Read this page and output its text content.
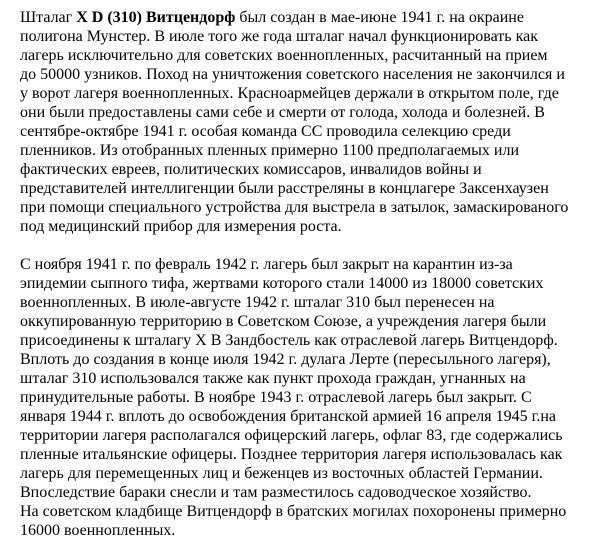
Шталаг X D (310) Витцендорф был создан в мае-июне 1941 г. на окраине
полигона Мунстер. В июле того же года шталаг начал функционировать как
лагерь исключительно для советских военнопленных, расчитанный на прием
до 50000 узников. Поход на уничтожения советского населения не закончился и
у ворот лагеря военнопленных. Красноармейцев держали в открытом поле, где
они были предоставлены сами себе и смерти от голода, холода и болезней. В
сентябре-октябре 1941 г. особая команда СС проводила селекцию среди
пленников. Из отобранных пленных примерно 1100 предполагаемых или
фактических евреев, политических комиссаров, инвалидов войны и
представителей интеллигенции были расстреляны в концлагере Заксенхаузен
при помощи специального устройства для выстрела в затылок, замаскированого
под медицинский прибор для измерения роста.
С ноября 1941 г. по февраль 1942 г. лагерь был закрыт на карантин из-за
эпидемии сыпного тифа, жертвами которого стали 14000 из 18000 советских
военнопленных. В июле-августе 1942 г. шталаг 310 был перенесен на
оккупированную территорию в Советском Союзе, а учреждения лагеря были
присоединены к шталагу X B Зандбостель как отраслевой лагерь Витцендорф.
Вплоть до создания в конце июля 1942 г. дулага Лерте (пересыльного лагеря),
шталаг 310 использовался также как пункт прохода граждан, угнанных на
принудительные работы. В ноябре 1943 г. отраслевой лагерь был закрыт. С
января 1944 г. вплоть до освобождения британской армией 16 апреля 1945 г.на
территории лагеря располагался офицерский лагерь, офлаг 83, где содержались
пленные итальянские офицеры. Позднее территория лагеря использовалась как
лагерь для перемещенных лиц и беженцев из восточных областей Германии.
Впоследствие бараки снесли и там разместилось садоводческое хозяйство.
На советском кладбище Витцендорф в братских могилах похоронены примерно
16000 военнопленных.
